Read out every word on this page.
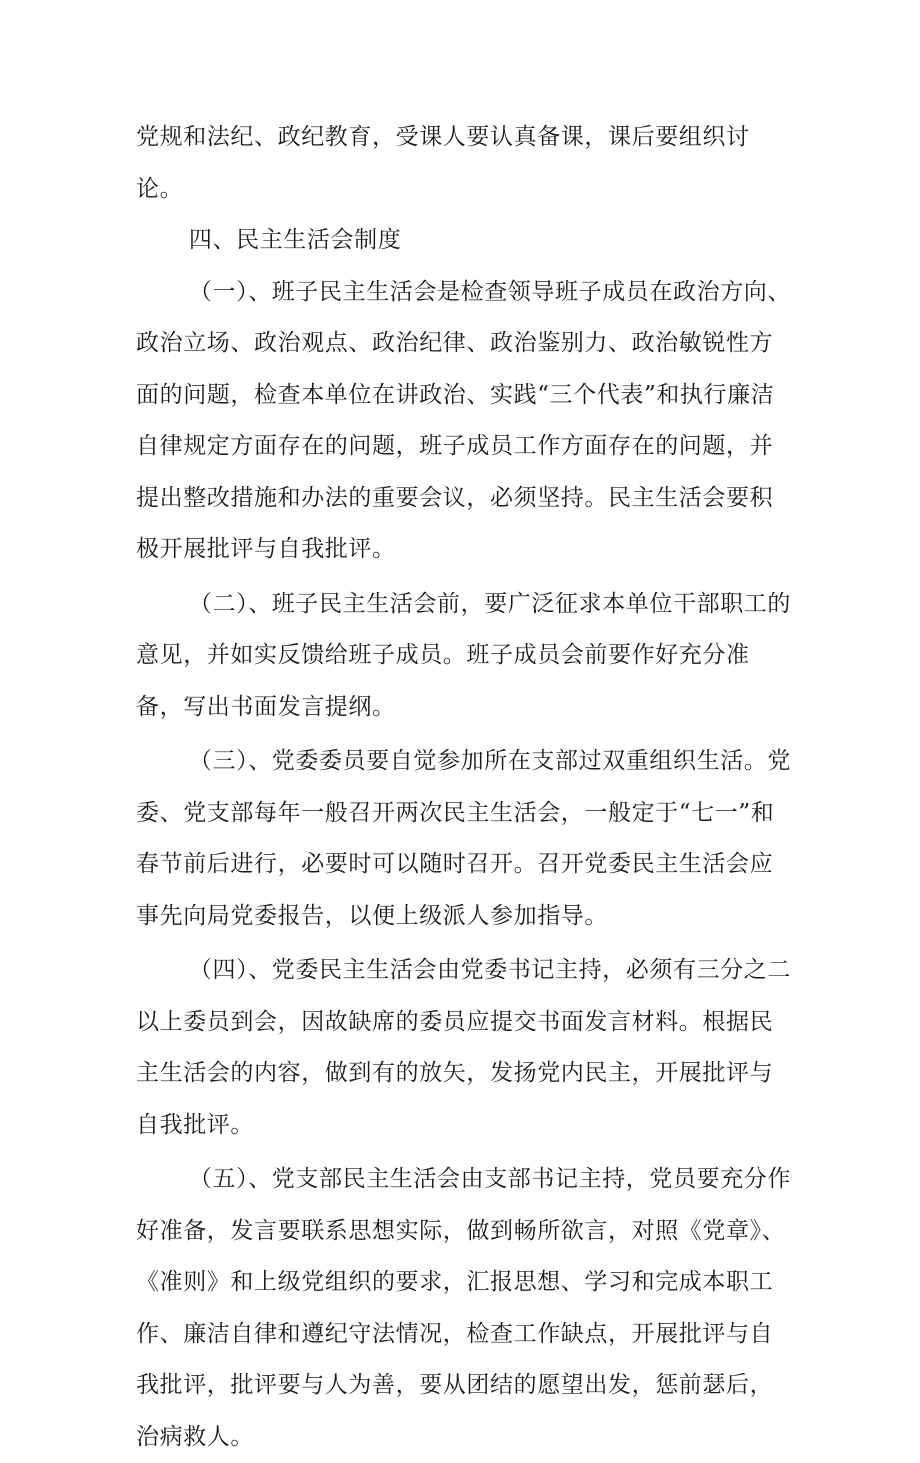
党规和法纪、政纪教育，受课人要认真备课，课后要组织讨论。

四、民主生活会制度

（一）、班子民主生活会是检查领导班子成员在政治方向、政治立场、政治观点、政治纪律、政治鉴别力、政治敏锐性方面的问题，检查本单位在讲政治、实践“三个代表”和执行廉洁自律规定方面存在的问题，班子成员工作方面存在的问题，并提出整改措施和办法的重要会议，必须坚持。民主生活会要积极开展批评与自我批评。

（二）、班子民主生活会前，要广泛征求本单位干部职工的意见，并如实反馈给班子成员。班子成员会前要作好充分准备，写出书面发言提纲。

（三）、党委委员要自觉参加所在支部过双重组织生活。党委、党支部每年一般召开两次民主生活会，一般定于“七一”和春节前后进行，必要时可以随时召开。召开党委民主生活会应事先向局党委报告，以便上级派人参加指导。

（四）、党委民主生活会由党委书记主持，必须有三分之二以上委员到会，因故缺席的委员应提交书面发言材料。根据民主生活会的内容，做到有的放矢，发扬党内民主，开展批评与自我批评。

（五）、党支部民主生活会由支部书记主持，党员要充分作好准备，发言要联系思想实际，做到畅所欲言，对照《党章》、《准则》和上级党组织的要求，汇报思想、学习和完成本职工作、廉洁自律和遵纪守法情况，检查工作缺点，开展批评与自我批评，批评要与人为善，要从团结的愿望出发，惩前瑟后，治病救人。
